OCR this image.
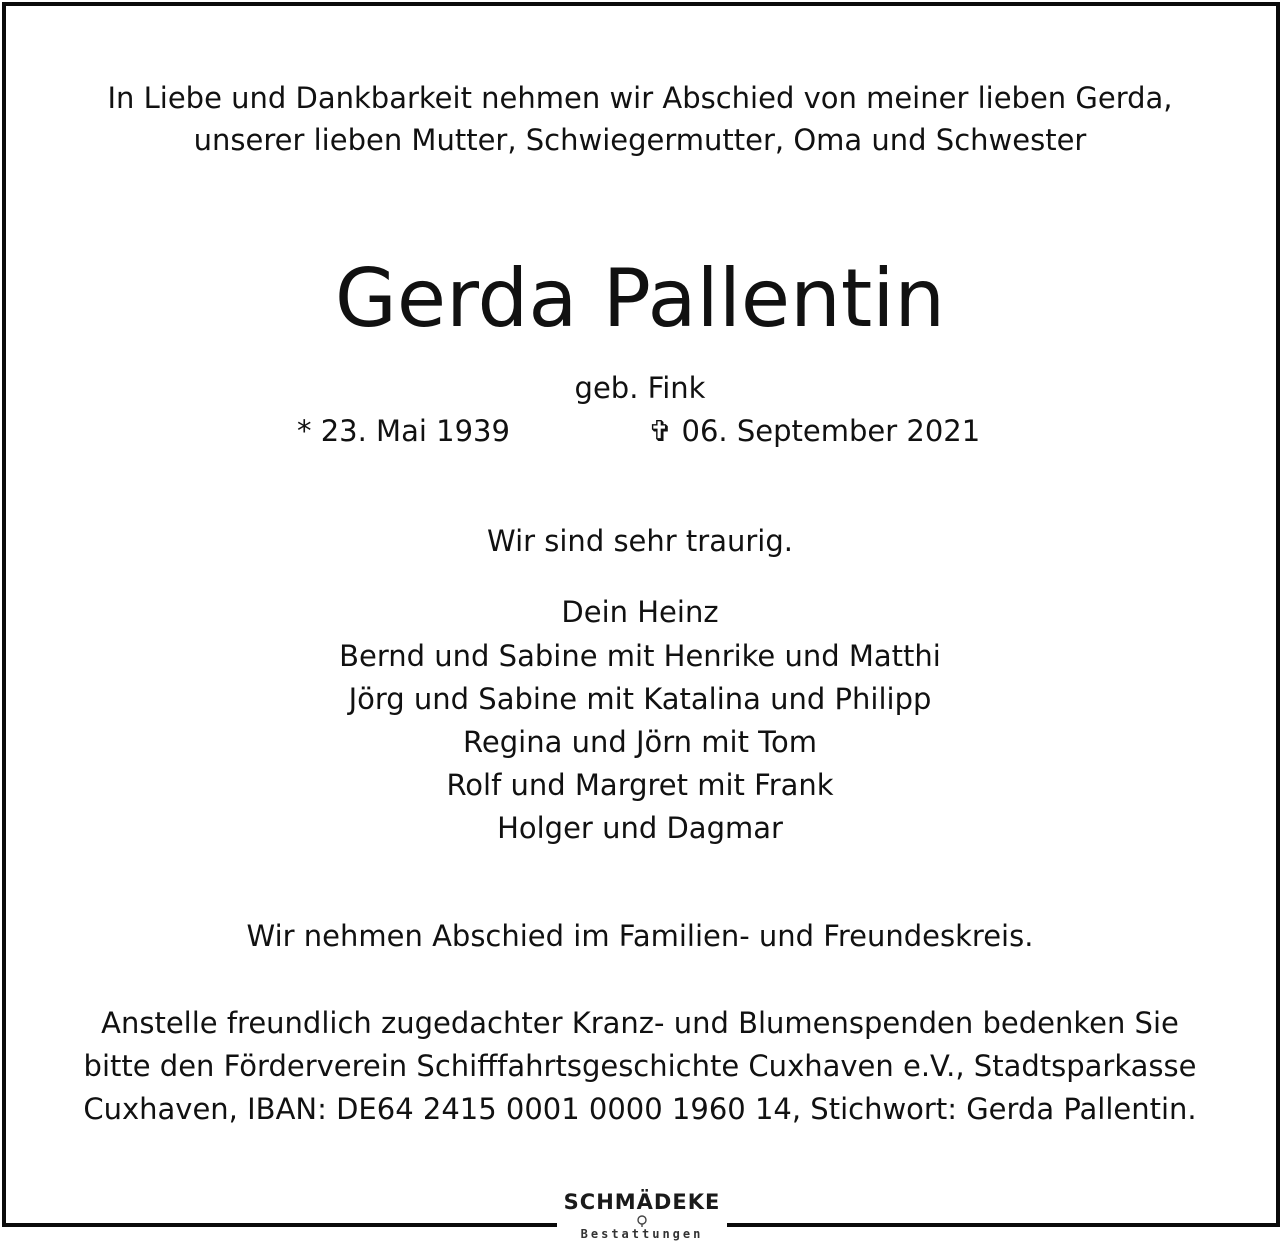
In Liebe und Dankbarkeit nehmen wir Abschied von meiner lieben Gerda,
unserer lieben Mutter, Schwiegermutter, Oma und Schwester
Gerda Pallentin
geb. Fink
* 23. Mai 1939	✞ 06. September 2021
Wir sind sehr traurig.
Dein Heinz
Bernd und Sabine mit Henrike und Matthi
Jörg und Sabine mit Katalina und Philipp
Regina und Jörn mit Tom
Rolf und Margret mit Frank
Holger und Dagmar
Wir nehmen Abschied im Familien- und Freundeskreis.
Anstelle freundlich zugedachter Kranz- und Blumenspenden bedenken Sie
bitte den Förderverein Schifffahrtsgeschichte Cuxhaven e.V., Stadtsparkasse
Cuxhaven, IBAN: DE64 2415 0001 0000 1960 14, Stichwort: Gerda Pallentin.
SCHMÄDEKE
Bestattungen
